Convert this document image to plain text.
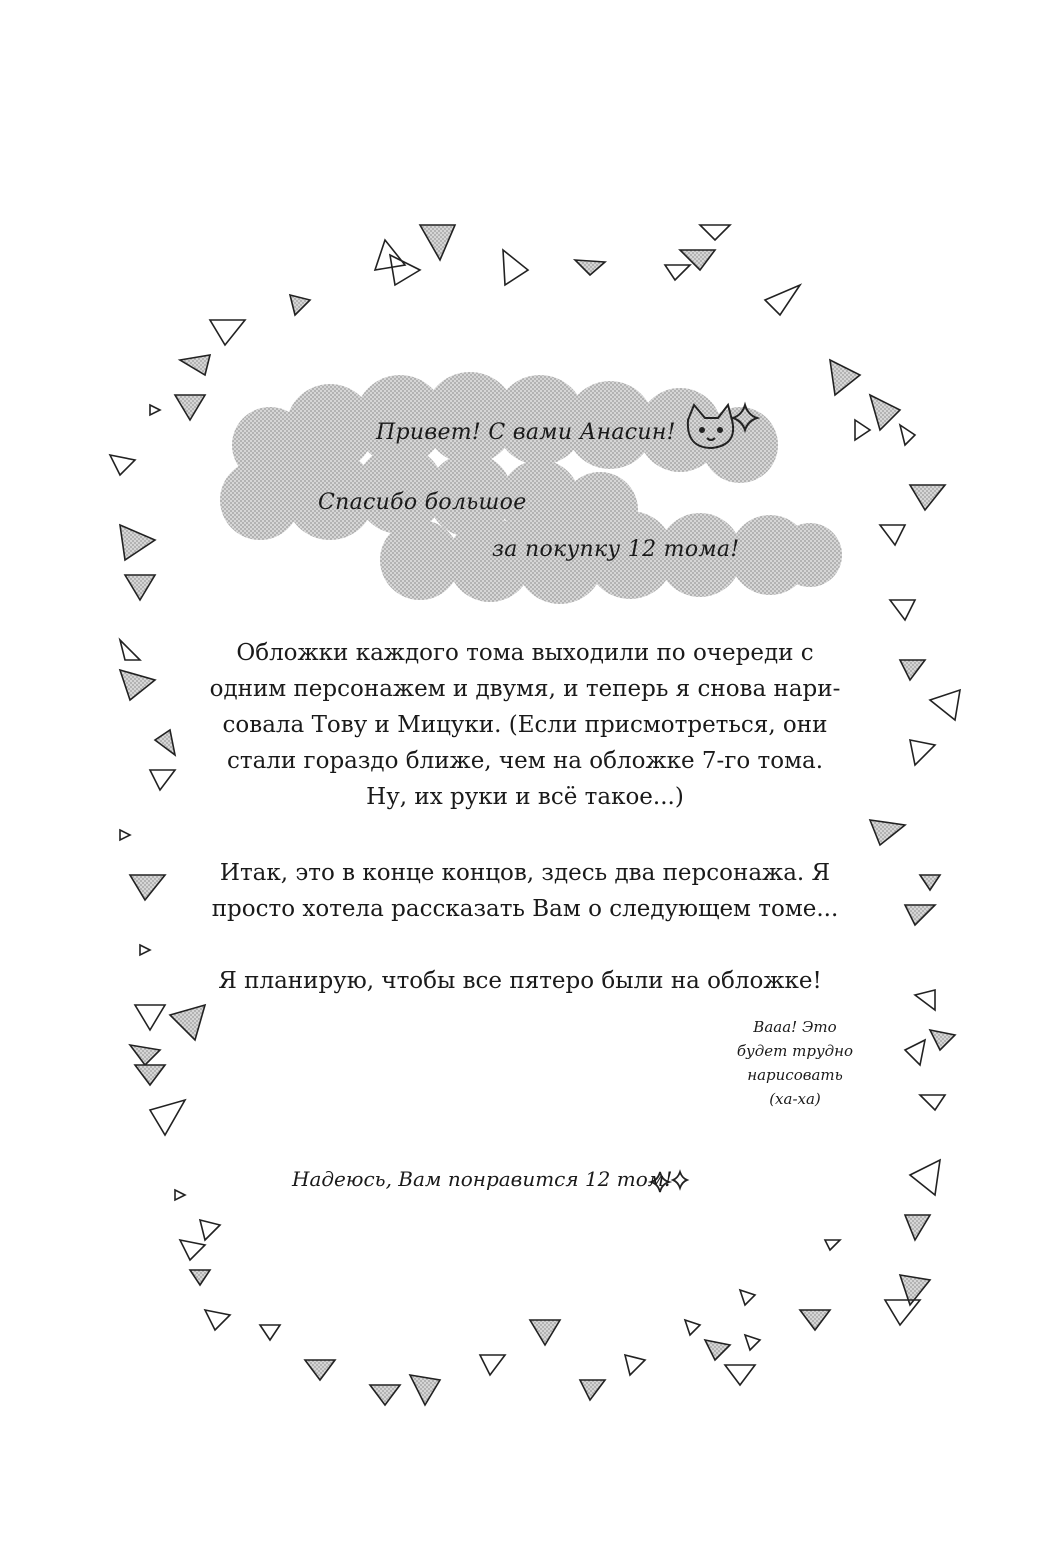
Привет! С вами Анасин!

Спасибо большое

за покупку 12 тома!

Обложки каждого тома выходили по очереди с
одним персонажем и двумя, и теперь я снова нари-
совала Тову и Мицуки. (Если присмотреться, они
стали гораздо ближе, чем на обложке 7-го тома.
Ну, их руки и всё такое...)
Итак, это в конце концов, здесь два персонажа. Я
просто хотела рассказать Вам о следующем томе...
Я планирую, чтобы все пятеро были на обложке!
Ваaa! Это
будет трудно
нарисовать
(ха-ха)

Надеюсь, Вам понравится 12 том!
